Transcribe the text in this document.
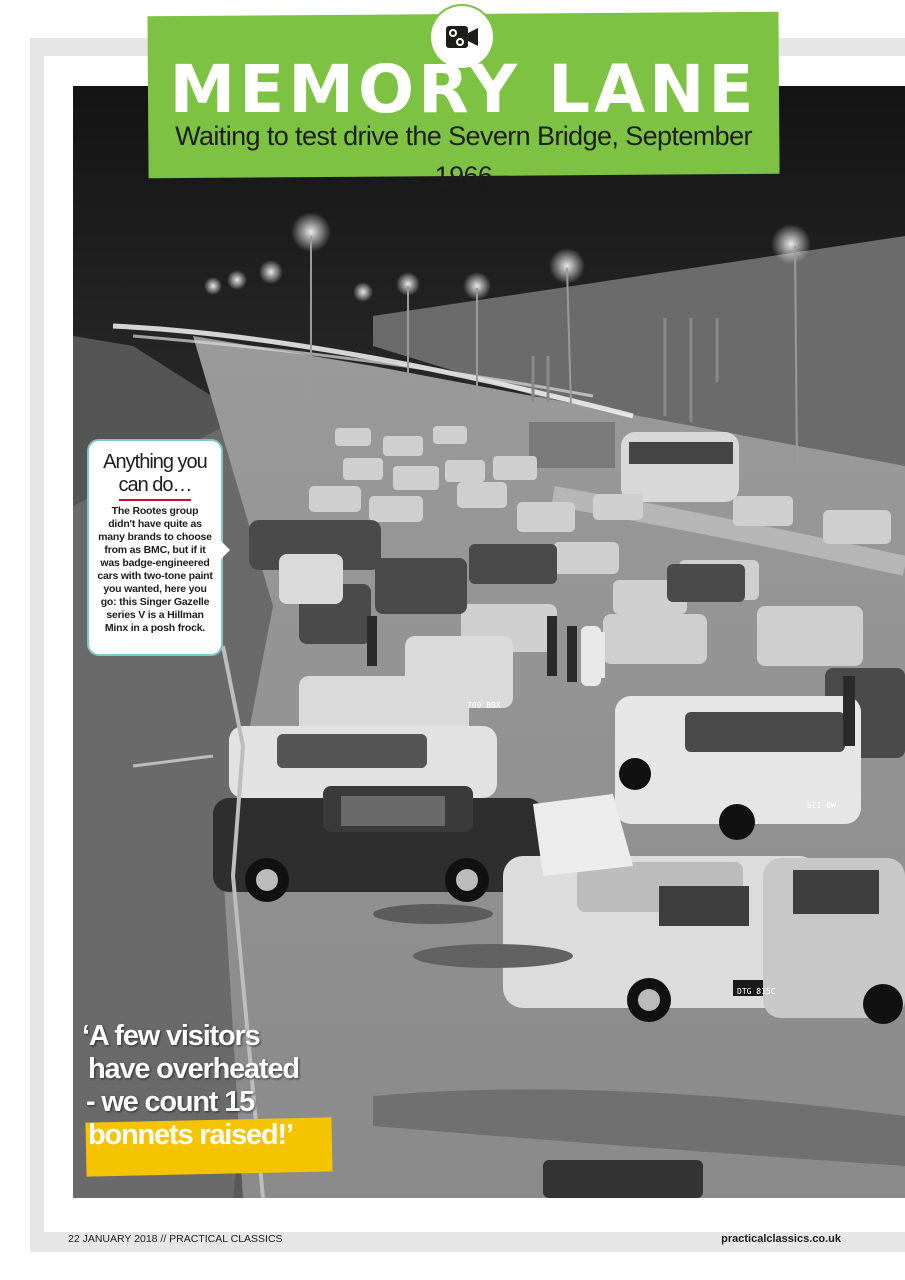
DTG 815C
709 BBX
SCI 0W
MEMORY LANE
Waiting to test drive the Severn Bridge, September 1966
Anything you can do…
The Rootes group didn't have quite as many brands to choose from as BMC, but if it was badge-engineered cars with two-tone paint you wanted, here you go: this Singer Gazelle series V is a Hillman Minx in a posh frock.
‘A few visitors
have overheated
- we count 15
bonnets raised!’
22 JANUARY 2018 // PRACTICAL CLASSICS	practicalclassics.co.uk
